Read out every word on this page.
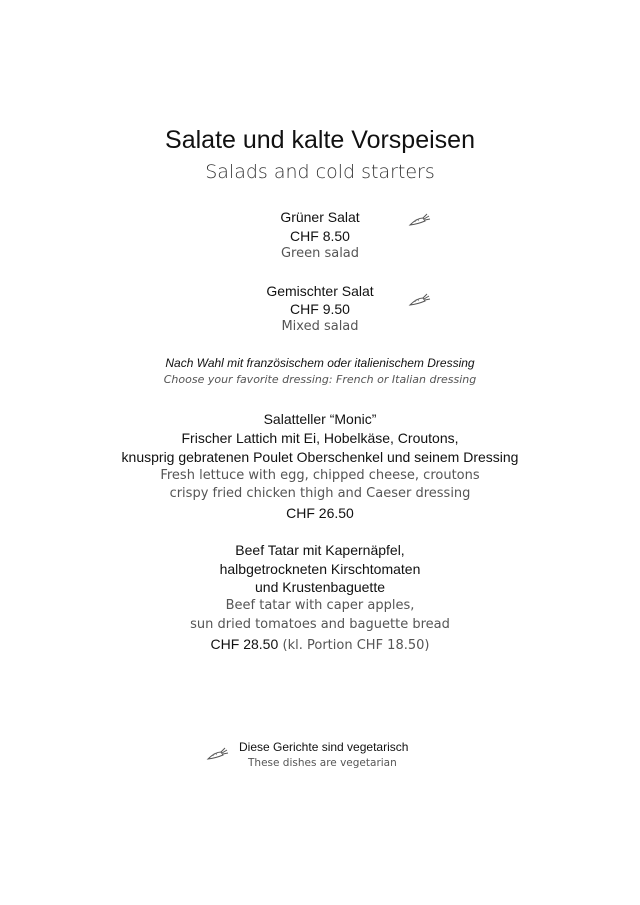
Salate und kalte Vorspeisen
Salads and cold starters
Grüner Salat
CHF 8.50
Green salad
Gemischter Salat
CHF 9.50
Mixed salad
Nach Wahl mit französischem oder italienischem Dressing
Choose your favorite dressing: French or Italian dressing
Salatteller “Monic”
Frischer Lattich mit Ei, Hobelkäse, Croutons,
knusprig gebratenen Poulet Oberschenkel und seinem Dressing
Fresh lettuce with egg, chipped cheese, croutons
crispy fried chicken thigh and Caeser dressing
CHF 26.50
Beef Tatar mit Kapernäpfel,
halbgetrockneten Kirschtomaten
und Krustenbaguette
Beef tatar with caper apples,
sun dried tomatoes and baguette bread
CHF 28.50 (kl. Portion CHF 18.50)
Diese Gerichte sind vegetarisch
These dishes are vegetarian
